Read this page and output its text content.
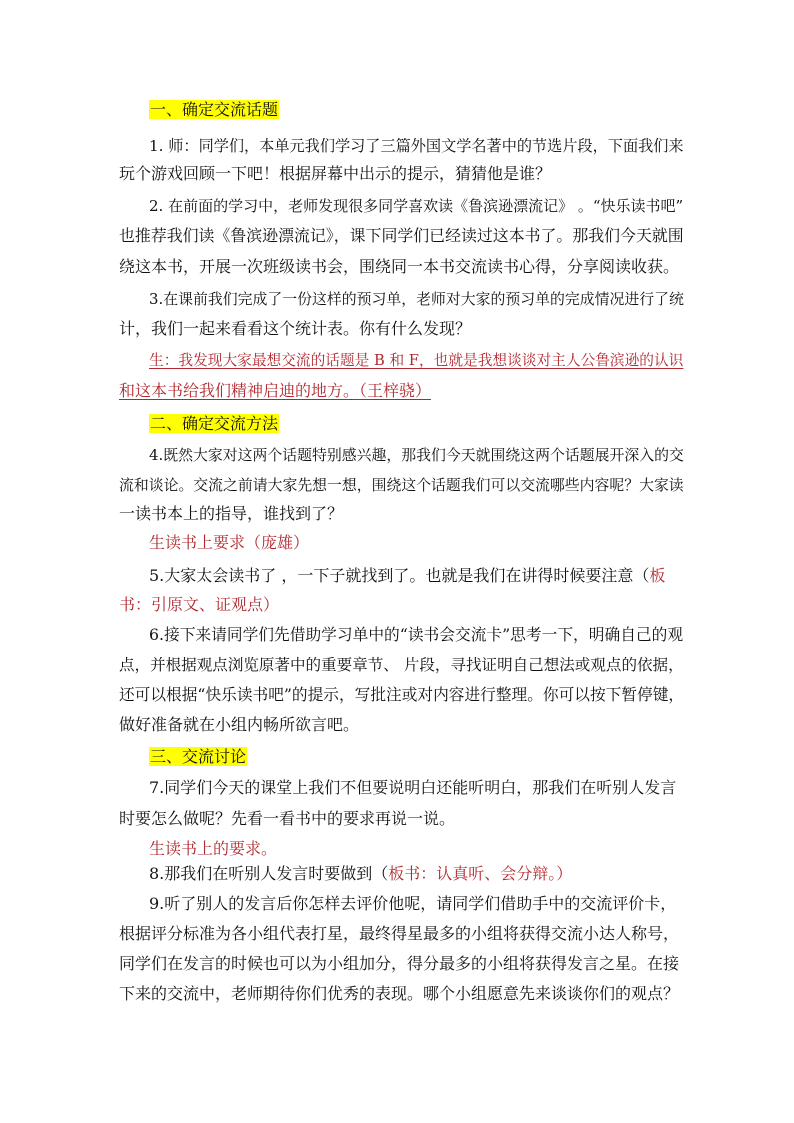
一、确定交流话题
1. 师：同学们，本单元我们学习了三篇外国文学名著中的节选片段，下面我们来
玩个游戏回顾一下吧！根据屏幕中出示的提示，猜猜他是谁？
2. 在前面的学习中，老师发现很多同学喜欢读《鲁滨逊漂流记》 。“快乐读书吧”
也推荐我们读《鲁滨逊漂流记》，课下同学们已经读过这本书了。那我们今天就围
绕这本书，开展一次班级读书会，围绕同一本书交流读书心得，分享阅读收获。
3.在课前我们完成了一份这样的预习单，老师对大家的预习单的完成情况进行了统
计，我们一起来看看这个统计表。你有什么发现？
生：我发现大家最想交流的话题是 B 和 F，也就是我想谈谈对主人公鲁滨逊的认识
和这本书给我们精神启迪的地方。（王梓骁）
二、确定交流方法
4.既然大家对这两个话题特别感兴趣，那我们今天就围绕这两个话题展开深入的交
流和谈论。交流之前请大家先想一想，围绕这个话题我们可以交流哪些内容呢？大家读
一读书本上的指导，谁找到了？
生读书上要求（庞雄）
5.大家太会读书了 ，一下子就找到了。也就是我们在讲得时候要注意（板
书：引原文、证观点）
6.接下来请同学们先借助学习单中的“读书会交流卡”思考一下，明确自己的观
点，并根据观点浏览原著中的重要章节、 片段，寻找证明自己想法或观点的依据，
还可以根据“快乐读书吧”的提示，写批注或对内容进行整理。你可以按下暂停键，
做好准备就在小组内畅所欲言吧。
三、交流讨论
7.同学们今天的课堂上我们不但要说明白还能听明白，那我们在听别人发言
时要怎么做呢？先看一看书中的要求再说一说。
生读书上的要求。
8.那我们在听别人发言时要做到（板书：认真听、会分辩。）
9.听了别人的发言后你怎样去评价他呢，请同学们借助手中的交流评价卡，
根据评分标准为各小组代表打星，最终得星最多的小组将获得交流小达人称号，
同学们在发言的时候也可以为小组加分，得分最多的小组将获得发言之星。在接
下来的交流中，老师期待你们优秀的表现。哪个小组愿意先来谈谈你们的观点？
